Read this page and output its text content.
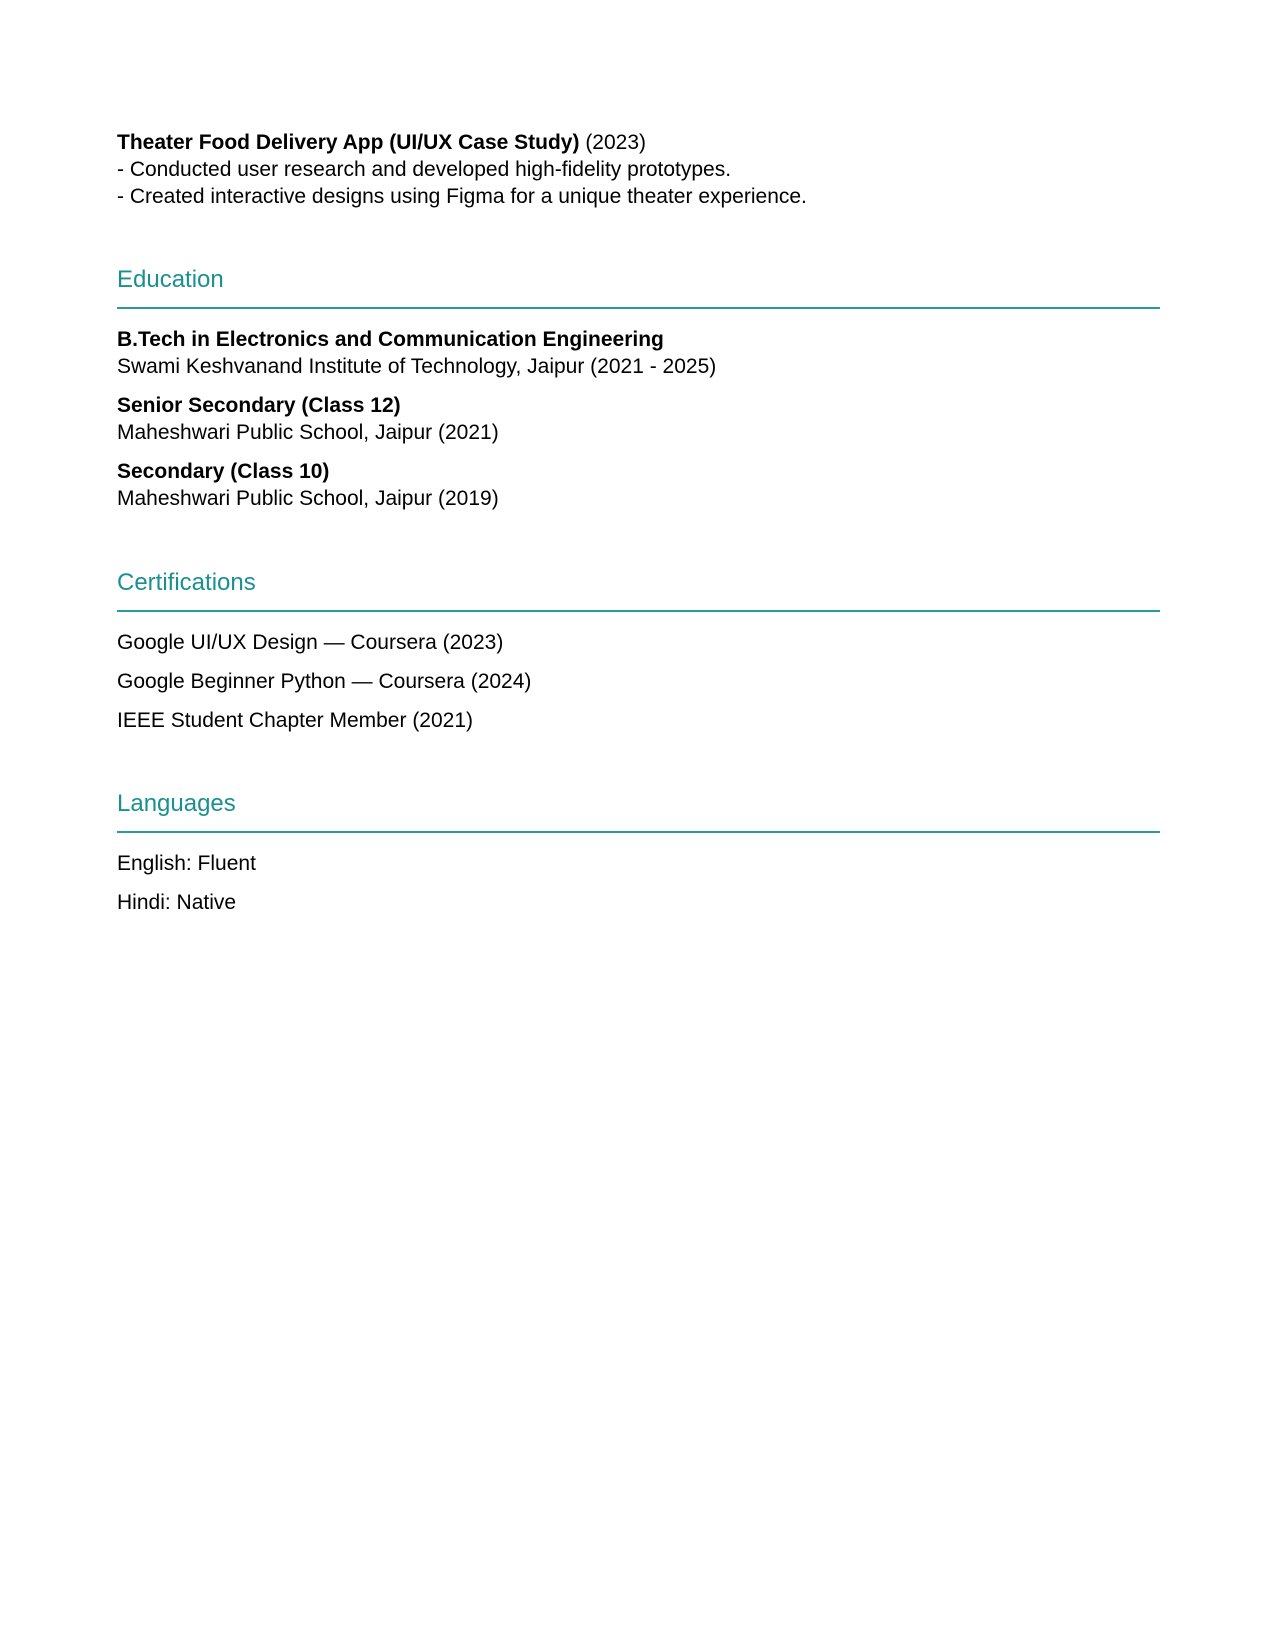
Theater Food Delivery App (UI/UX Case Study) (2023)
- Conducted user research and developed high-fidelity prototypes.
- Created interactive designs using Figma for a unique theater experience.
Education
B.Tech in Electronics and Communication Engineering
Swami Keshvanand Institute of Technology, Jaipur (2021 - 2025)
Senior Secondary (Class 12)
Maheshwari Public School, Jaipur (2021)
Secondary (Class 10)
Maheshwari Public School, Jaipur (2019)
Certifications
Google UI/UX Design — Coursera (2023)
Google Beginner Python — Coursera (2024)
IEEE Student Chapter Member (2021)
Languages
English: Fluent
Hindi: Native
